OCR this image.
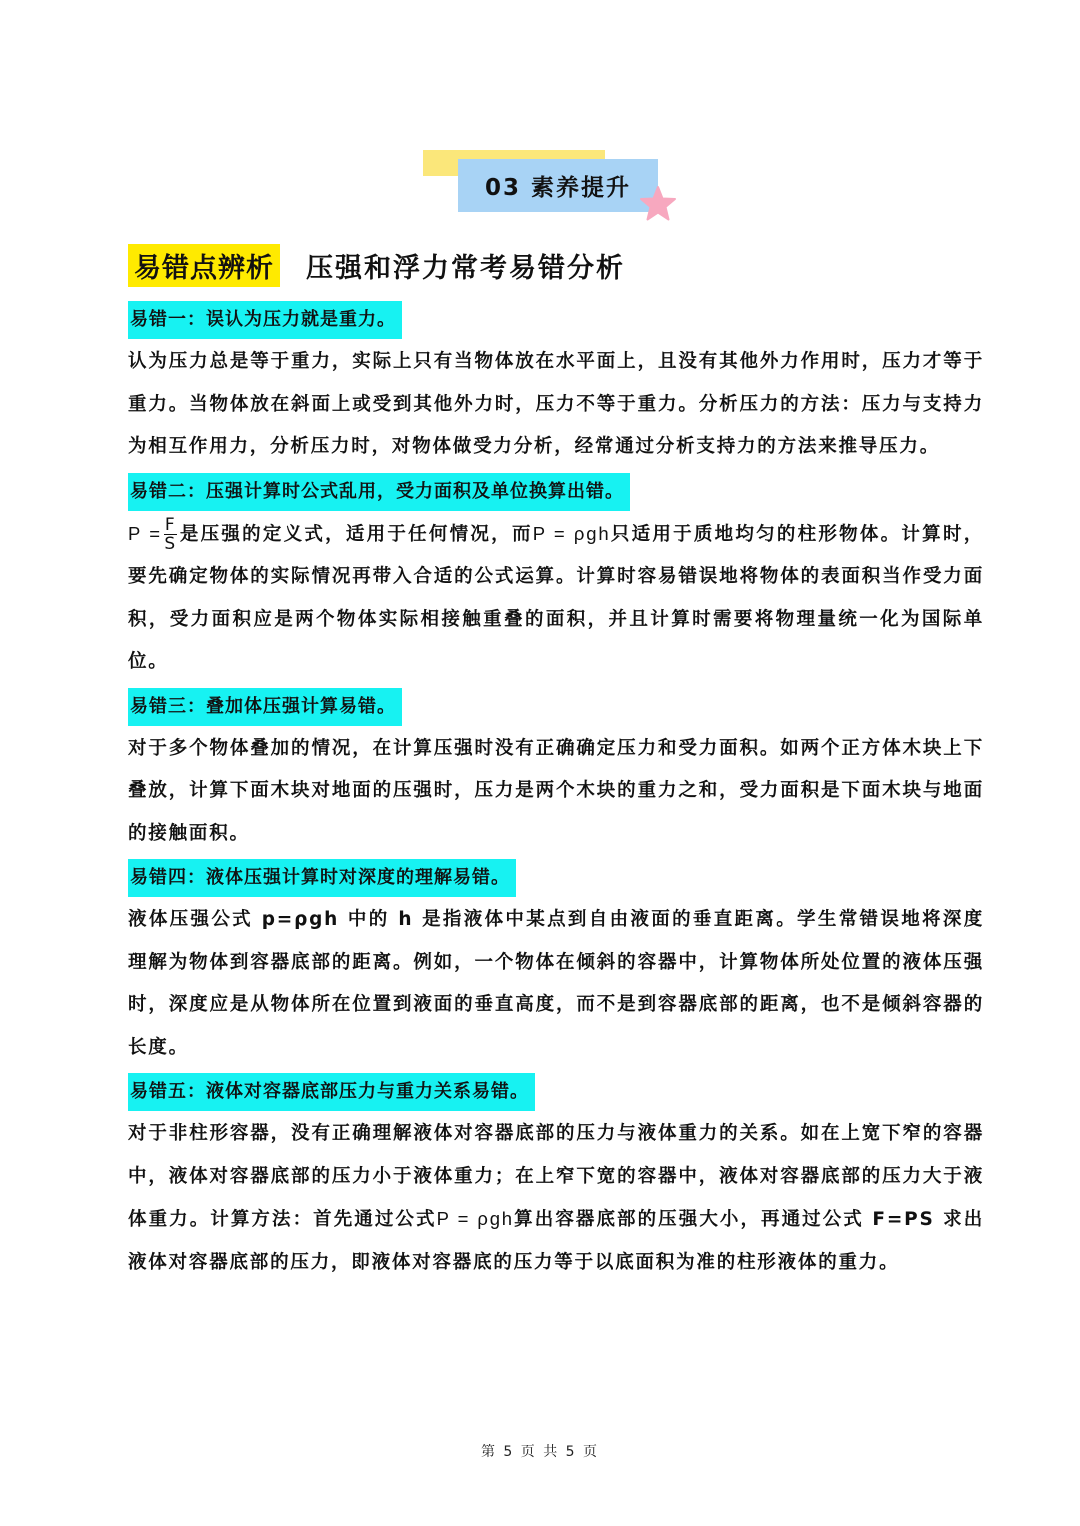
03 素养提升
易错点辨析 压强和浮力常考易错分析
易错一：误认为压力就是重力。
认为压力总是等于重力，实际上只有当物体放在水平面上，且没有其他外力作用时，压力才等于重力。当物体放在斜面上或受到其他外力时，压力不等于重力。分析压力的方法：压力与支持力为相互作用力，分析压力时，对物体做受力分析，经常通过分析支持力的方法来推导压力。
易错二：压强计算时公式乱用，受力面积及单位换算出错。
$P = \frac{F}{S}$ 是压强的定义式，适用于任何情况，而P = ρgh只适用于质地均匀的柱形物体。计算时，要先确定物体的实际情况再带入合适的公式运算。计算时容易错误地将物体的表面积当作受力面积，受力面积应是两个物体实际相接触重叠的面积，并且计算时需要将物理量统一化为国际单位。
易错三：叠加体压强计算易错。
对于多个物体叠加的情况，在计算压强时没有正确确定压力和受力面积。如两个正方体木块上下叠放，计算下面木块对地面的压强时，压力是两个木块的重力之和，受力面积是下面木块与地面的接触面积。
易错四：液体压强计算时对深度的理解易错。
液体压强公式 p=ρgh 中的 h 是指液体中某点到自由液面的垂直距离。学生常错误地将深度理解为物体到容器底部的距离。例如，一个物体在倾斜的容器中，计算物体所处位置的液体压强时，深度应是从物体所在位置到液面的垂直高度，而不是到容器底部的距离，也不是倾斜容器的长度。
易错五：液体对容器底部压力与重力关系易错。
对于非柱形容器，没有正确理解液体对容器底部的压力与液体重力的关系。如在上宽下窄的容器中，液体对容器底部的压力小于液体重力；在上窄下宽的容器中，液体对容器底部的压力大于液体重力。计算方法：首先通过公式P = ρgh算出容器底部的压强大小，再通过公式 F=PS 求出液体对容器底部的压力，即液体对容器底的压力等于以底面积为准的柱形液体的重力。
第 5 页 共 5 页
